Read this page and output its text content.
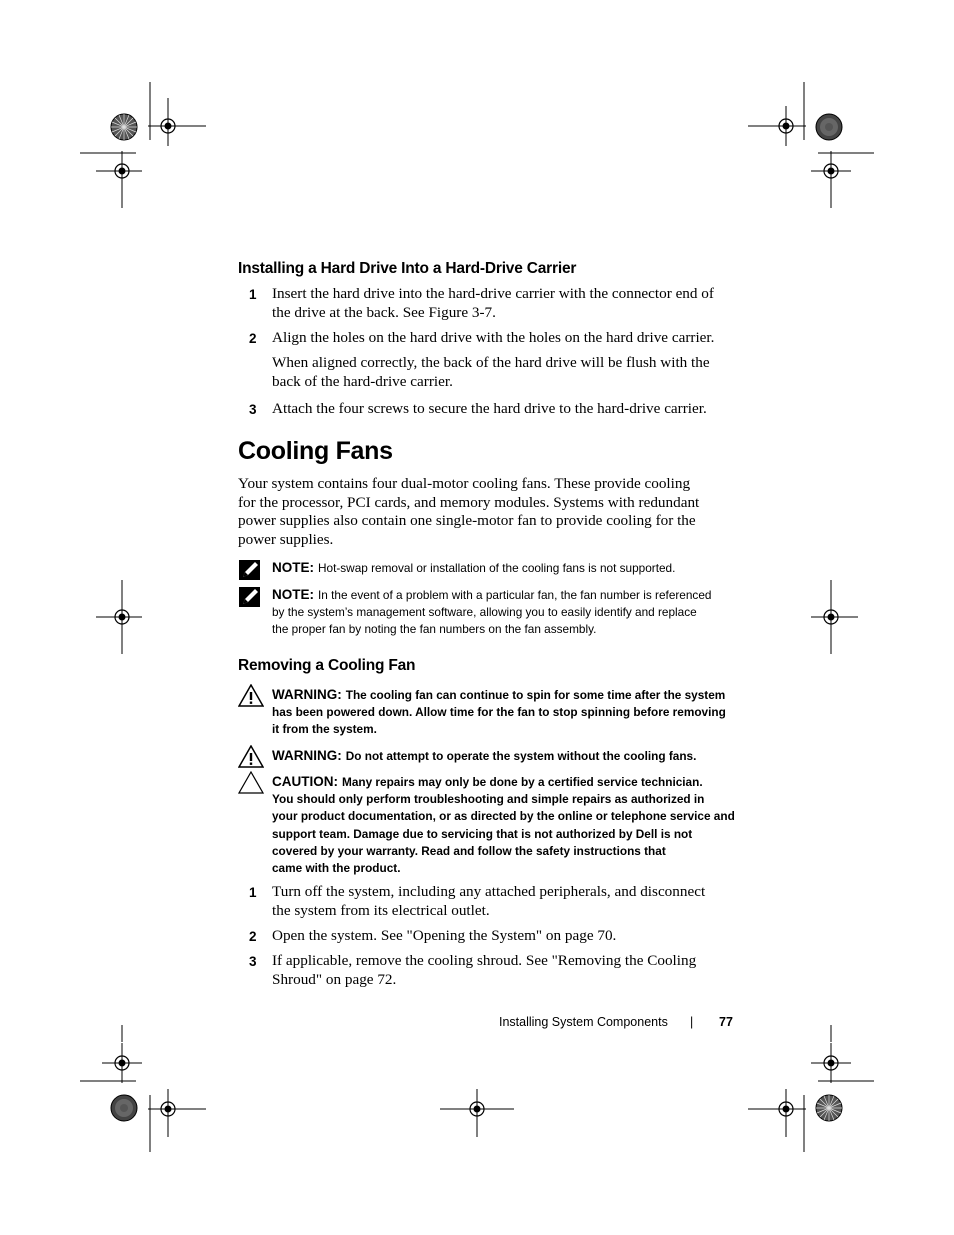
Installing a Hard Drive Into a Hard-Drive Carrier
1 Insert the hard drive into the hard-drive carrier with the connector end of
the drive at the back. See Figure 3-7.
2 Align the holes on the hard drive with the holes on the hard drive carrier.
When aligned correctly, the back of the hard drive will be flush with the
back of the hard-drive carrier.
3 Attach the four screws to secure the hard drive to the hard-drive carrier.
Cooling Fans
Your system contains four dual-motor cooling fans. These provide cooling
for the processor, PCI cards, and memory modules. Systems with redundant
power supplies also contain one single-motor fan to provide cooling for the
power supplies.
NOTE: Hot-swap removal or installation of the cooling fans is not supported.
NOTE: In the event of a problem with a particular fan, the fan number is referenced
by the system’s management software, allowing you to easily identify and replace
the proper fan by noting the fan numbers on the fan assembly.
Removing a Cooling Fan
WARNING: The cooling fan can continue to spin for some time after the system
has been powered down. Allow time for the fan to stop spinning before removing
it from the system.
WARNING: Do not attempt to operate the system without the cooling fans.
CAUTION: Many repairs may only be done by a certified service technician.
You should only perform troubleshooting and simple repairs as authorized in
your product documentation, or as directed by the online or telephone service and
support team. Damage due to servicing that is not authorized by Dell is not
covered by your warranty. Read and follow the safety instructions that
came with the product.
1 Turn off the system, including any attached peripherals, and disconnect
the system from its electrical outlet.
2 Open the system. See "Opening the System" on page 70.
3 If applicable, remove the cooling shroud. See "Removing the Cooling
Shroud" on page 72.
Installing System Components | 77
